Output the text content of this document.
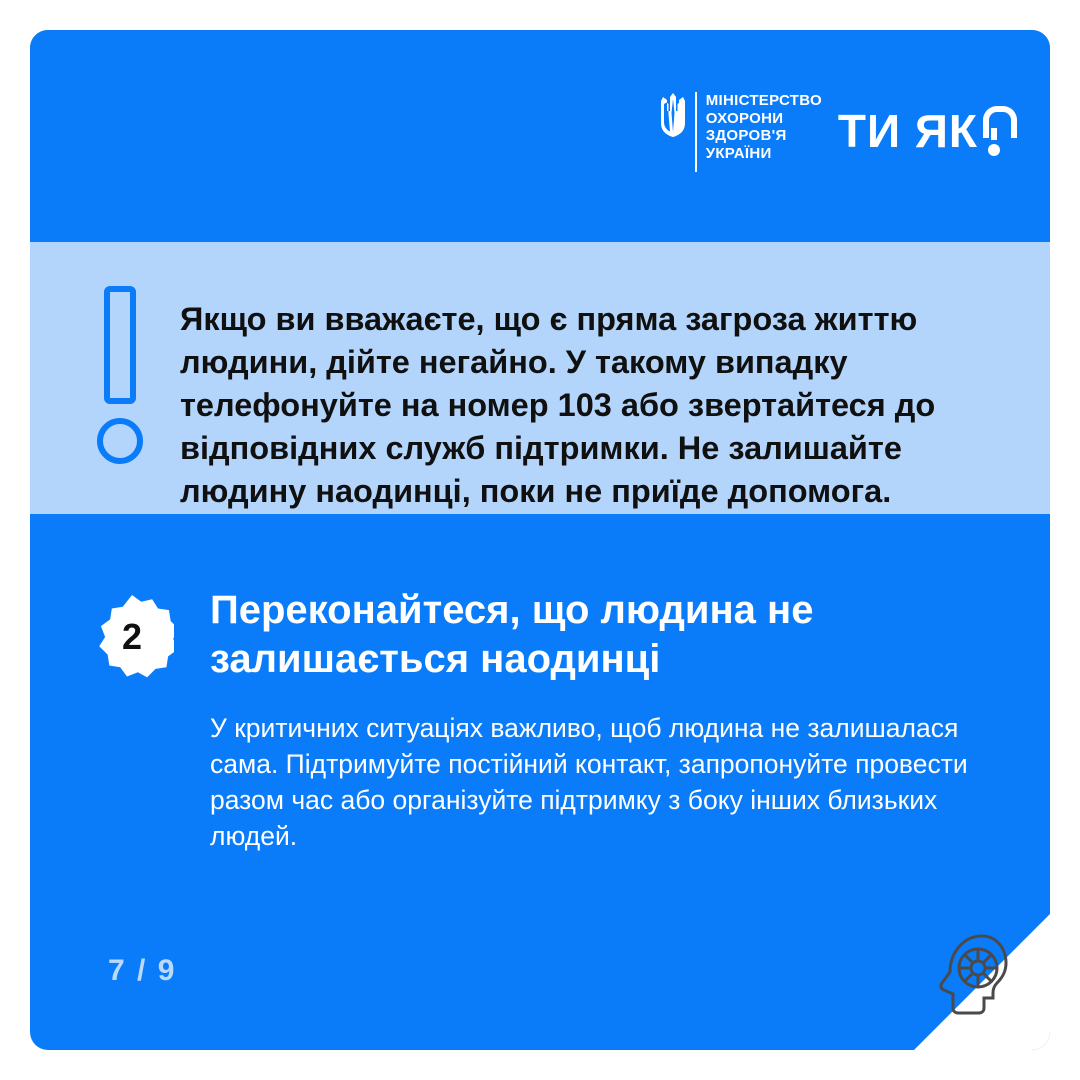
МІНІСТЕРСТВО
ОХОРОНИ
ЗДОРОВ'Я
УКРАЇНИ	ТИ ЯК
Якщо ви вважаєте, що є пряма загроза життю людини, дійте негайно. У такому випадку телефонуйте на номер 103 або звертайтеся до відповідних служб підтримки. Не залишайте людину наодинці, поки не приїде допомога.
2
Переконайтеся, що людина не залишається наодинці
У критичних ситуаціях важливо, щоб людина не залишалася сама. Підтримуйте постійний контакт, запропонуйте провести разом час або організуйте підтримку з боку інших близьких людей.
7 / 9
